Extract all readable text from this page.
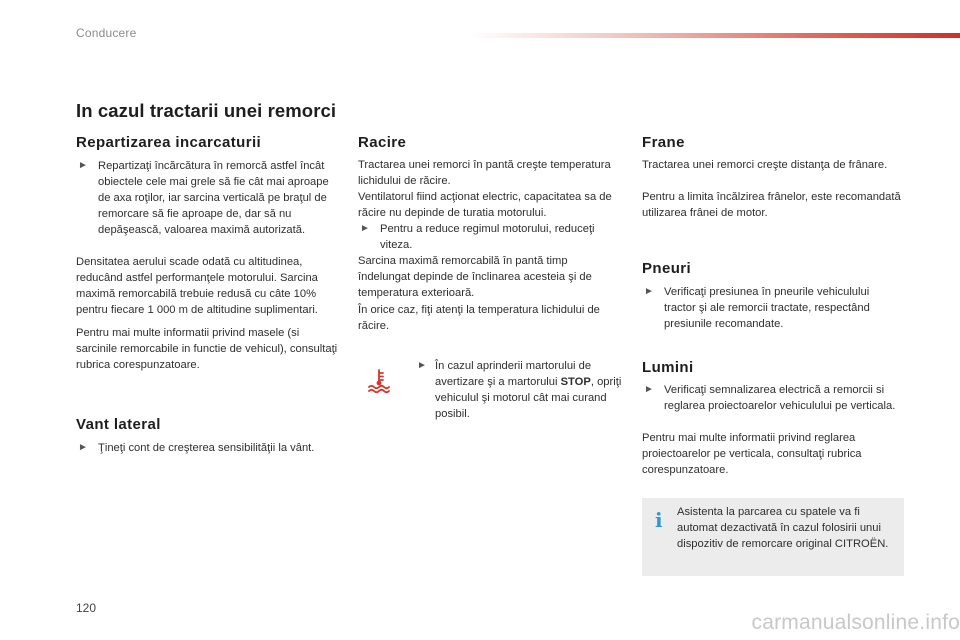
Conducere
In cazul tractarii unei remorci
Repartizarea incarcaturii
► Repartizaţi încărcătura în remorcă astfel încât obiectele cele mai grele să fie cât mai aproape de axa roţilor, iar sarcina verticală pe braţul de remorcare să fie aproape de, dar să nu depăşească, valoarea maximă autorizată.

Densitatea aerului scade odată cu altitudinea, reducând astfel performanţele motorului. Sarcina maximă remorcabilă trebuie redusă cu câte 10% pentru fiecare 1 000 m de altitudine suplimentari.

Pentru mai multe informatii privind masele (si sarcinile remorcabile in functie de vehicul), consultaţi rubrica corespunzatoare.

Vant lateral
► Ţineţi cont de creşterea sensibilităţii la vânt.
Racire

Tractarea unei remorci în pantă creşte temperatura lichidului de răcire.

Ventilatorul fiind acţionat electric, capacitatea sa de răcire nu depinde de turatia motorului.

► Pentru a reduce regimul motorului, reduceţi viteza.

Sarcina maximă remorcabilă în pantă timp îndelungat depinde de înclinarea acesteia şi de temperatura exterioară.

În orice caz, fiţi atenţi la temperatura lichidului de răcire.

► În cazul aprinderii martorului de avertizare şi a martorului STOP, opriţi vehiculul şi motorul cât mai curand posibil.
Frane

Tractarea unei remorci creşte distanţa de frânare.

Pentru a limita încălzirea frânelor, este recomandată utilizarea frânei de motor.

Pneuri
► Verificaţi presiunea în pneurile vehiculului tractor şi ale remorcii tractate, respectând presiunile recomandate.
Lumini
► Verificaţi semnalizarea electrică a remorcii si reglarea proiectoarelor vehiculului pe verticala.

Pentru mai multe informatii privind reglarea proiectoarelor pe verticala, consultaţi rubrica corespunzatoare.

i Asistenta la parcarea cu spatele va fi automat dezactivată în cazul folosirii unui dispozitiv de remorcare original CITROËN.
120
carmanualsonline.info
